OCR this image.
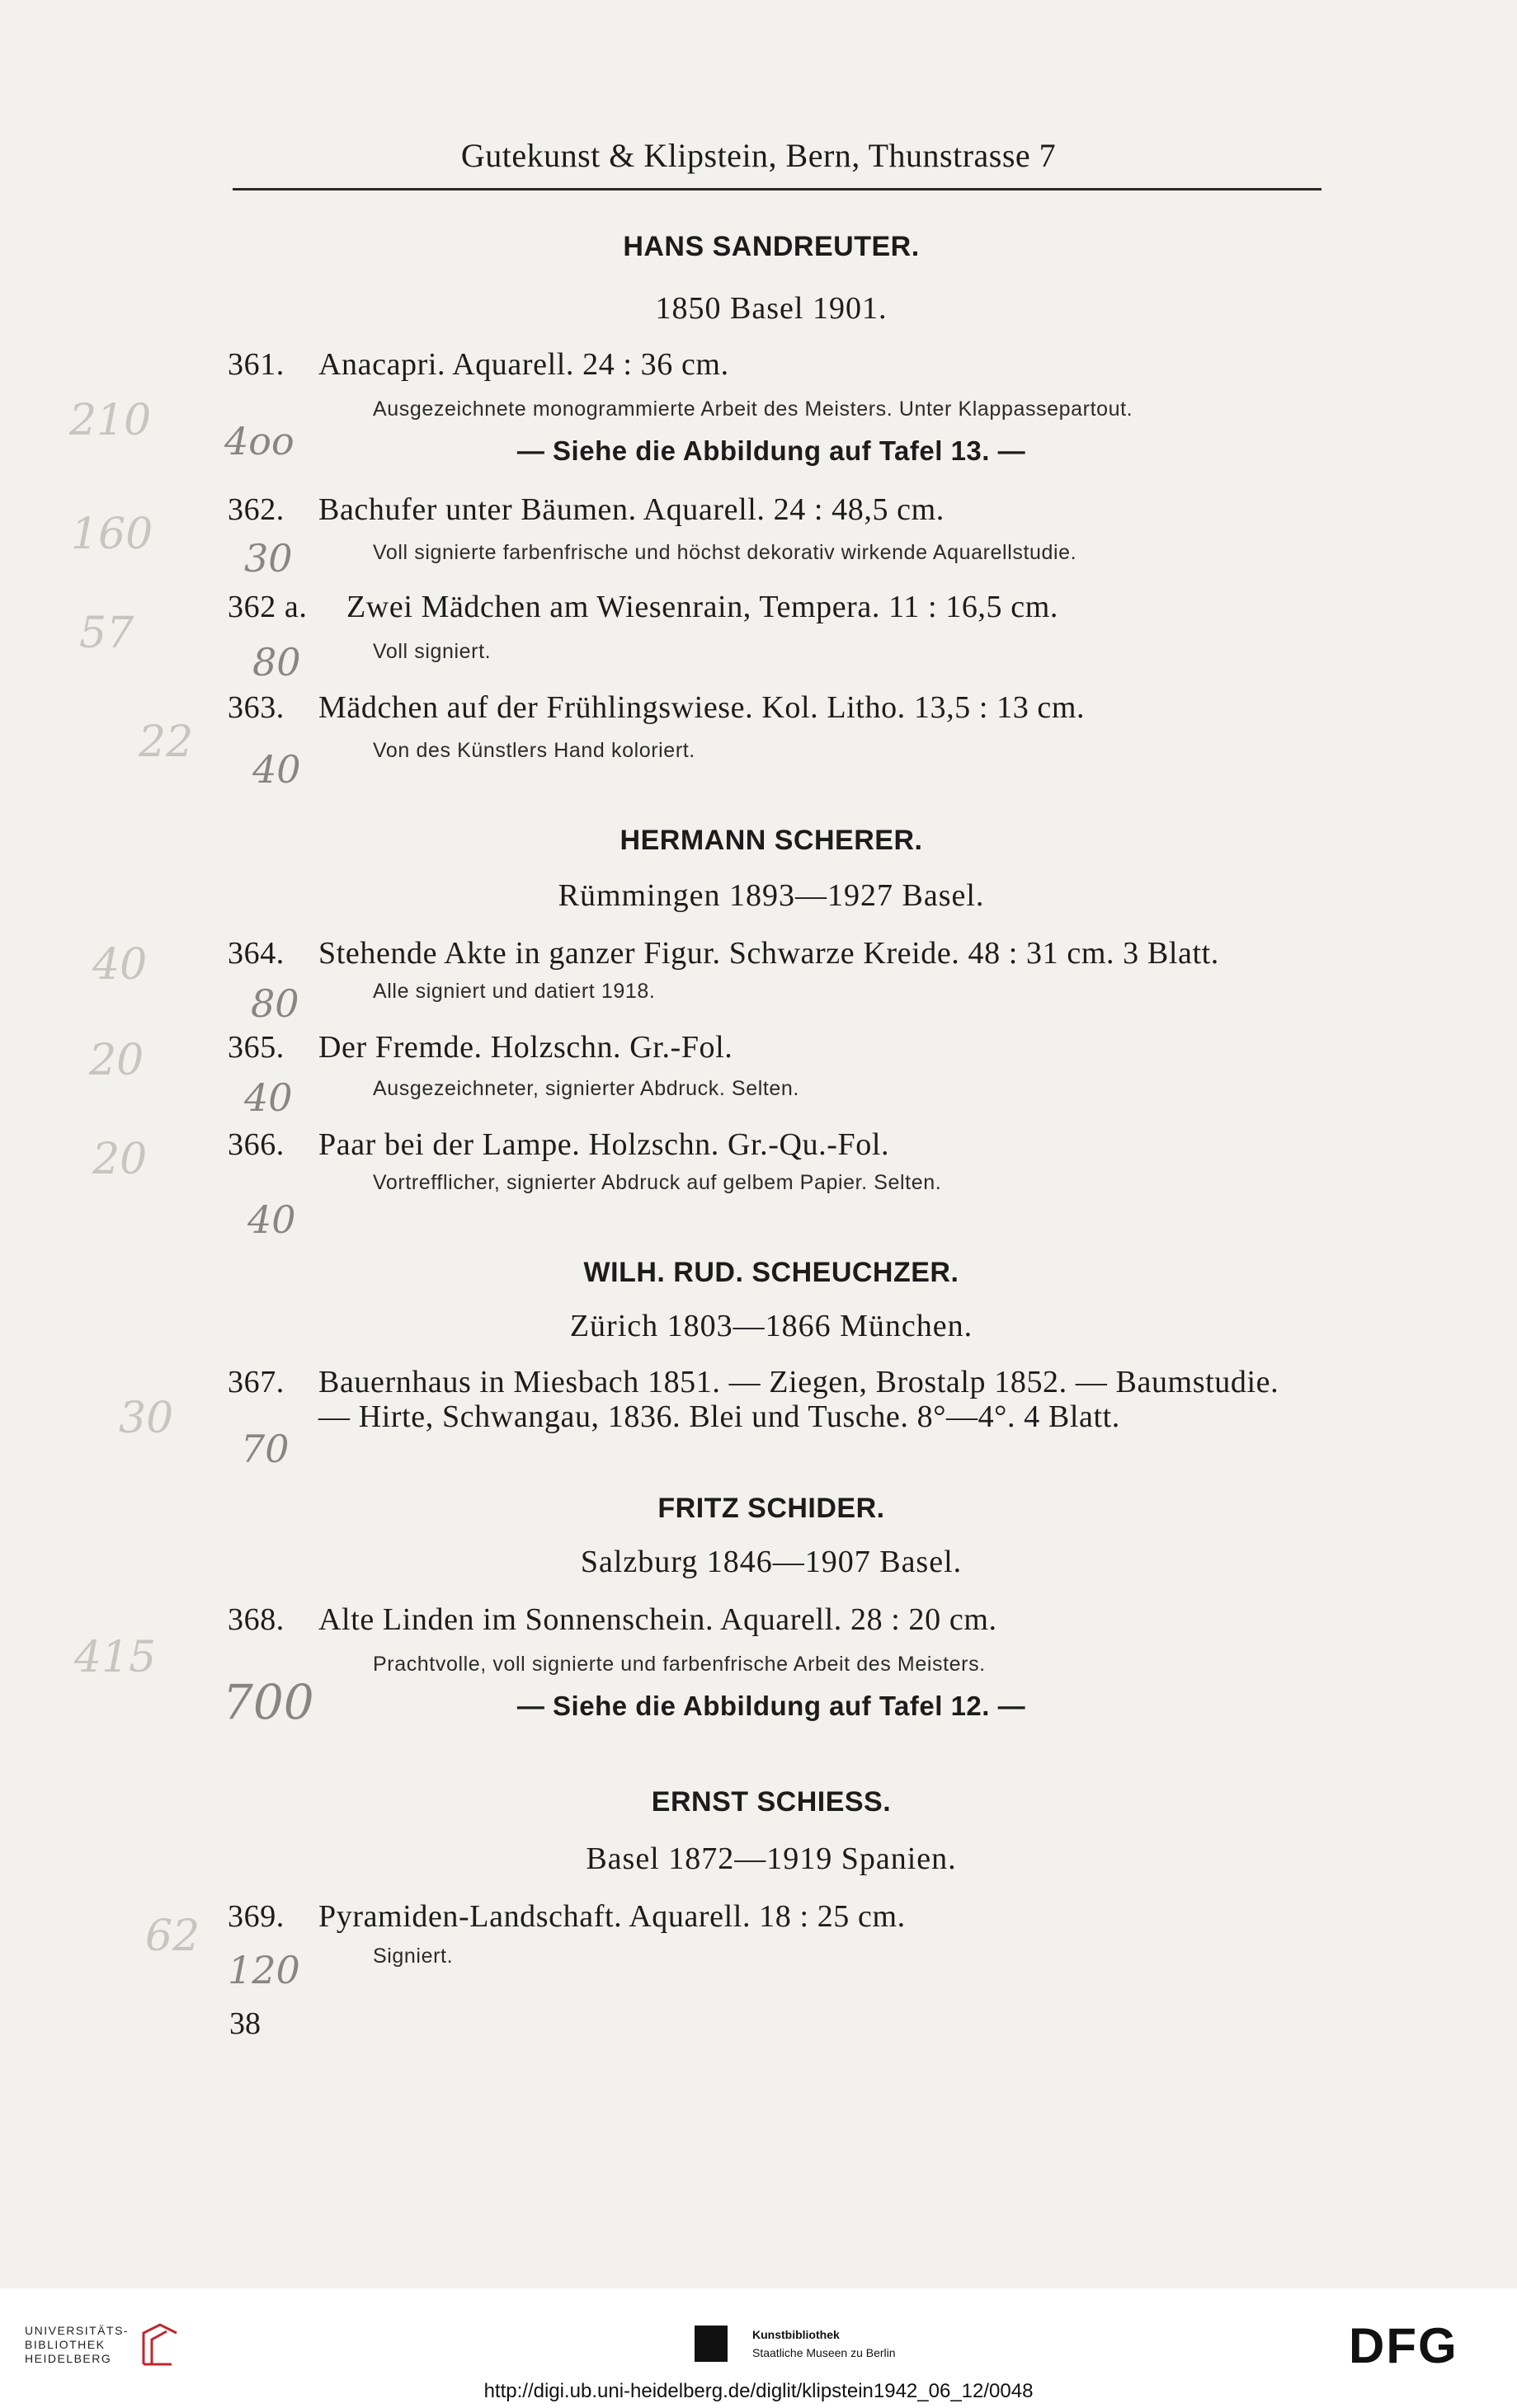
Gutekunst & Klipstein, Bern, Thunstrasse 7
HANS SANDREUTER.
1850 Basel 1901.
361. Anacapri. Aquarell. 24 : 36 cm.
Ausgezeichnete monogrammierte Arbeit des Meisters. Unter Klappassepartout.
— Siehe die Abbildung auf Tafel 13. —
4oo
210
362. Bachufer unter Bäumen. Aquarell. 24 : 48,5 cm.
Voll signierte farbenfrische und höchst dekorativ wirkende Aquarellstudie.
30
160
362 a. Zwei Mädchen am Wiesenrain, Tempera. 11 : 16,5 cm.
Voll signiert.
80
57
363. Mädchen auf der Frühlingswiese. Kol. Litho. 13,5 : 13 cm.
Von des Künstlers Hand koloriert.
40
22
HERMANN SCHERER.
Rümmingen 1893—1927 Basel.
364. Stehende Akte in ganzer Figur. Schwarze Kreide. 48 : 31 cm. 3 Blatt.
Alle signiert und datiert 1918.
80
40
365. Der Fremde. Holzschn. Gr.-Fol.
Ausgezeichneter, signierter Abdruck. Selten.
40
20
366. Paar bei der Lampe. Holzschn. Gr.-Qu.-Fol.
Vortrefflicher, signierter Abdruck auf gelbem Papier. Selten.
40
20
WILH. RUD. SCHEUCHZER.
Zürich 1803—1866 München.
367. Bauernhaus in Miesbach 1851. — Ziegen, Brostalp 1852. — Baumstudie.
— Hirte, Schwangau, 1836. Blei und Tusche. 8°—4°. 4 Blatt.
70
30
FRITZ SCHIDER.
Salzburg 1846—1907 Basel.
368. Alte Linden im Sonnenschein. Aquarell. 28 : 20 cm.
Prachtvolle, voll signierte und farbenfrische Arbeit des Meisters.
— Siehe die Abbildung auf Tafel 12. —
700
415
ERNST SCHIESS.
Basel 1872—1919 Spanien.
369. Pyramiden-Landschaft. Aquarell. 18 : 25 cm.
Signiert.
120
62
38
UNIVERSITÄTS-
BIBLIOTHEK
HEIDELBERG
Kunstbibliothek
Staatliche Museen zu Berlin	DFG
http://digi.ub.uni-heidelberg.de/diglit/klipstein1942_06_12/0048
